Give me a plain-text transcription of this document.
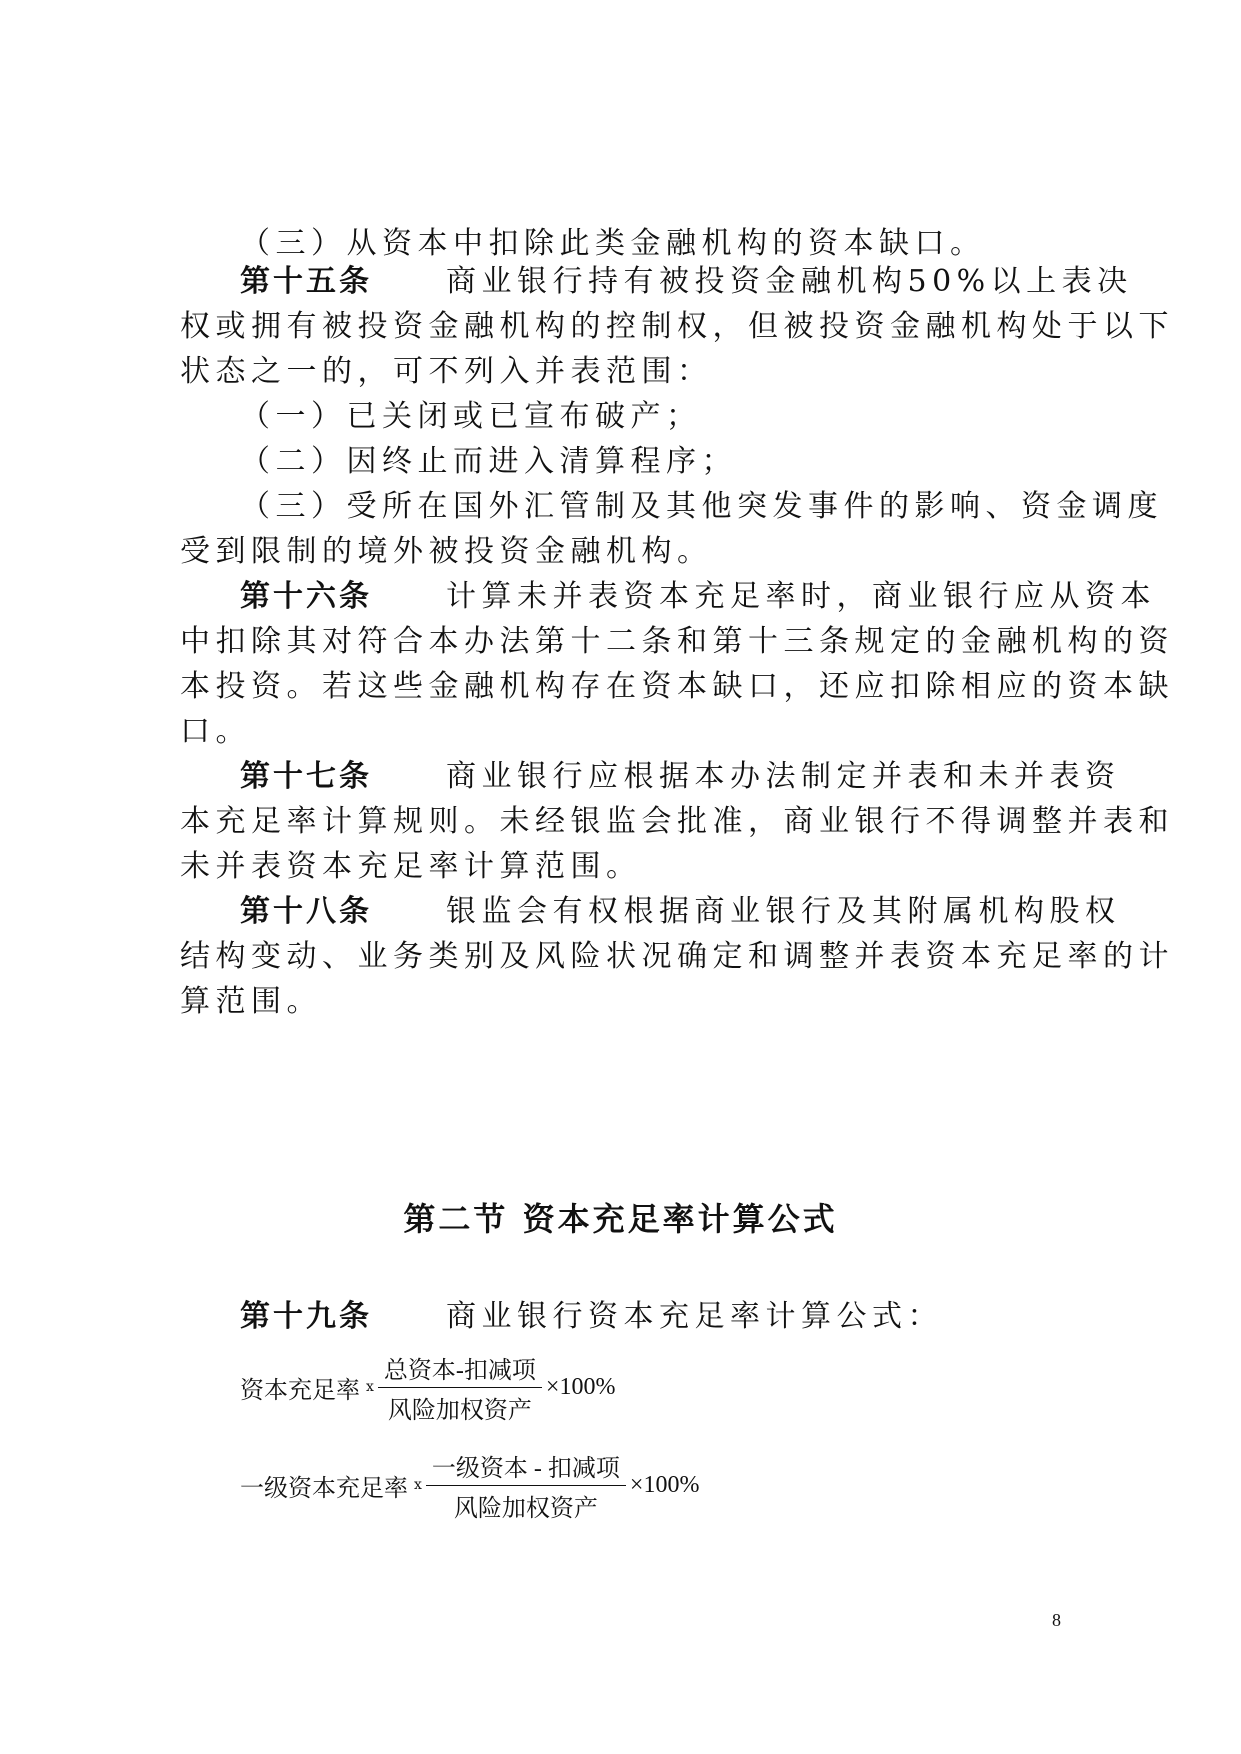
（三）从资本中扣除此类金融机构的资本缺口。
第十五条 商业银行持有被投资金融机构50%以上表决
权或拥有被投资金融机构的控制权，但被投资金融机构处于以下
状态之一的，可不列入并表范围：
（一）已关闭或已宣布破产；
（二）因终止而进入清算程序；
（三）受所在国外汇管制及其他突发事件的影响、资金调度
受到限制的境外被投资金融机构。
第十六条 计算未并表资本充足率时，商业银行应从资本
中扣除其对符合本办法第十二条和第十三条规定的金融机构的资
本投资。若这些金融机构存在资本缺口，还应扣除相应的资本缺
口。
第十七条 商业银行应根据本办法制定并表和未并表资
本充足率计算规则。未经银监会批准，商业银行不得调整并表和
未并表资本充足率计算范围。
第十八条 银监会有权根据商业银行及其附属机构股权
结构变动、业务类别及风险状况确定和调整并表资本充足率的计
算范围。
第二节 资本充足率计算公式
第十九条 商业银行资本充足率计算公式：
资本充足率 ⅹ $\frac{\text{总资本-扣减项}}{\text{风险加权资产}} \times 100\%$
一级资本充足率 ⅹ $\frac{\text{一级资本 - 扣减项}}{\text{风险加权资产}} \times 100\%$
8
